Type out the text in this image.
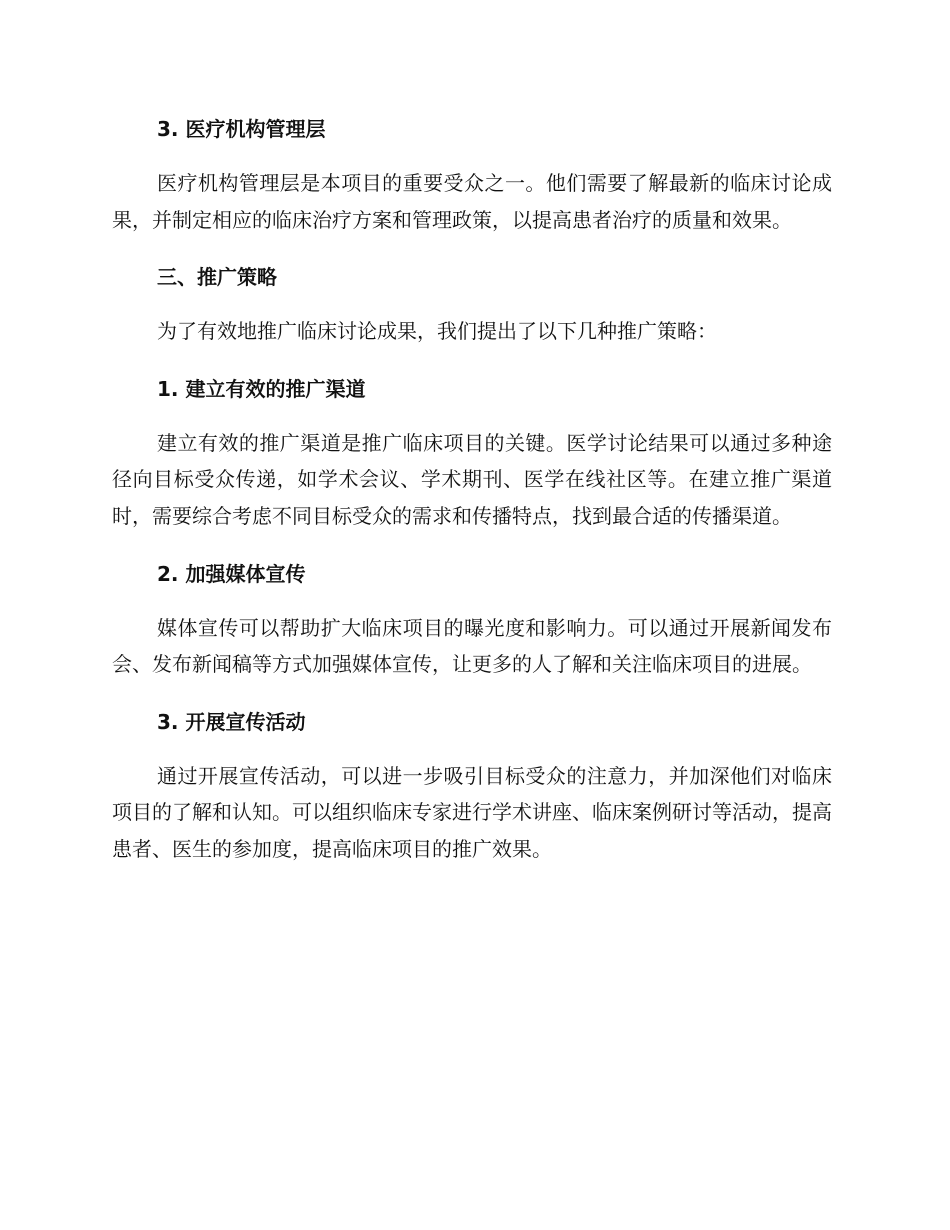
3. 医疗机构管理层

医疗机构管理层是本项目的重要受众之一。他们需要了解最新的临床讨论成果，并制定相应的临床治疗方案和管理政策，以提高患者治疗的质量和效果。

三、推广策略

为了有效地推广临床讨论成果，我们提出了以下几种推广策略：

1. 建立有效的推广渠道

建立有效的推广渠道是推广临床项目的关键。医学讨论结果可以通过多种途径向目标受众传递，如学术会议、学术期刊、医学在线社区等。在建立推广渠道时，需要综合考虑不同目标受众的需求和传播特点，找到最合适的传播渠道。

2. 加强媒体宣传

媒体宣传可以帮助扩大临床项目的曝光度和影响力。可以通过开展新闻发布会、发布新闻稿等方式加强媒体宣传，让更多的人了解和关注临床项目的进展。

3. 开展宣传活动

通过开展宣传活动，可以进一步吸引目标受众的注意力，并加深他们对临床项目的了解和认知。可以组织临床专家进行学术讲座、临床案例研讨等活动，提高患者、医生的参加度，提高临床项目的推广效果。
